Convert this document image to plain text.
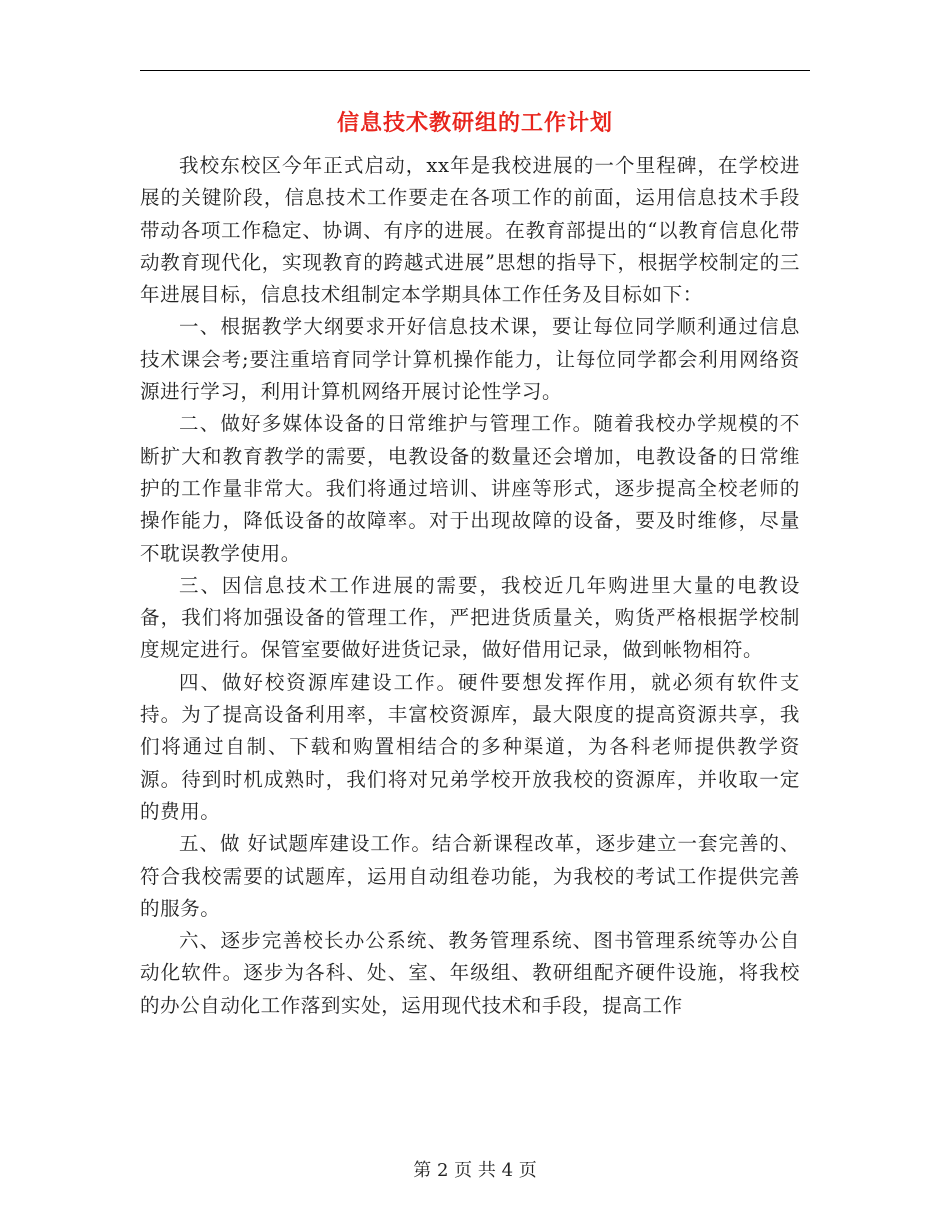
信息技术教研组的工作计划

我校东校区今年正式启动，xx年是我校进展的一个里程碑，在学校进展的关键阶段，信息技术工作要走在各项工作的前面，运用信息技术手段带动各项工作稳定、协调、有序的进展。在教育部提出的“以教育信息化带动教育现代化，实现教育的跨越式进展”思想的指导下，根据学校制定的三年进展目标，信息技术组制定本学期具体工作任务及目标如下：

一、根据教学大纲要求开好信息技术课，要让每位同学顺利通过信息技术课会考;要注重培育同学计算机操作能力，让每位同学都会利用网络资源进行学习，利用计算机网络开展讨论性学习。

二、做好多媒体设备的日常维护与管理工作。随着我校办学规模的不断扩大和教育教学的需要，电教设备的数量还会增加，电教设备的日常维护的工作量非常大。我们将通过培训、讲座等形式，逐步提高全校老师的操作能力，降低设备的故障率。对于出现故障的设备，要及时维修，尽量不耽误教学使用。

三、因信息技术工作进展的需要，我校近几年购进里大量的电教设备，我们将加强设备的管理工作，严把进货质量关，购货严格根据学校制度规定进行。保管室要做好进货记录，做好借用记录，做到帐物相符。

四、做好校资源库建设工作。硬件要想发挥作用，就必须有软件支持。为了提高设备利用率，丰富校资源库，最大限度的提高资源共享，我们将通过自制、下载和购置相结合的多种渠道，为各科老师提供教学资源。待到时机成熟时，我们将对兄弟学校开放我校的资源库，并收取一定的费用。

五、做 好试题库建设工作。结合新课程改革，逐步建立一套完善的、符合我校需要的试题库，运用自动组卷功能，为我校的考试工作提供完善的服务。

六、逐步完善校长办公系统、教务管理系统、图书管理系统等办公自动化软件。逐步为各科、处、室、年级组、教研组配齐硬件设施，将我校的办公自动化工作落到实处，运用现代技术和手段，提高工作

第 2 页 共 4 页
